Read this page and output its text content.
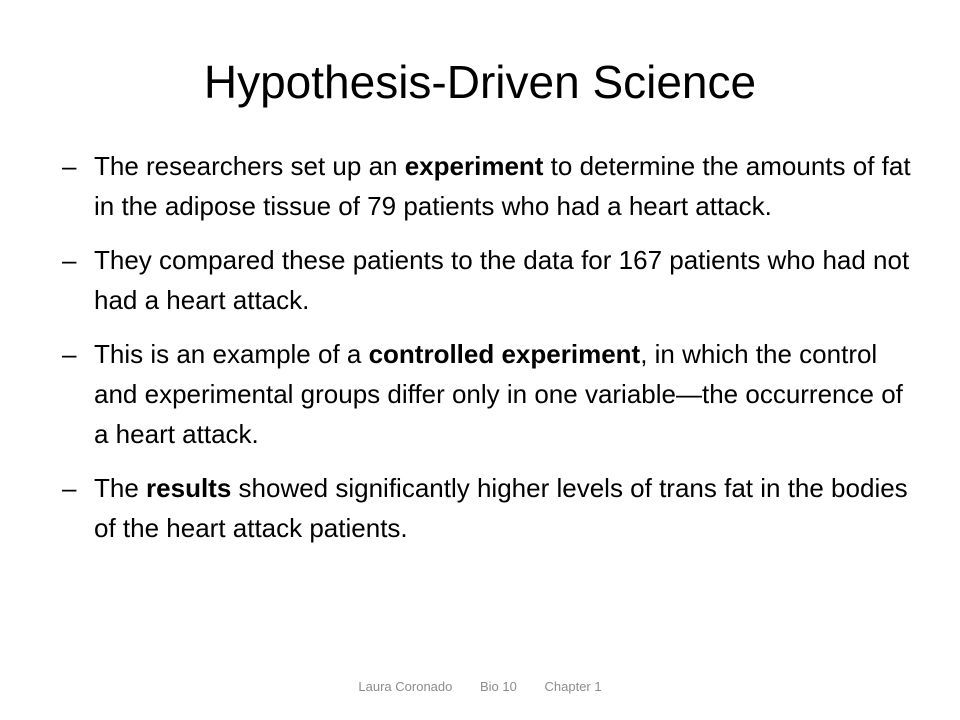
Hypothesis-Driven Science
– The researchers set up an experiment to determine the amounts of fat in the adipose tissue of 79 patients who had a heart attack.
– They compared these patients to the data for 167 patients who had not had a heart attack.
– This is an example of a controlled experiment, in which the control and experimental groups differ only in one variable—the occurrence of a heart attack.
– The results showed significantly higher levels of trans fat in the bodies of the heart attack patients.
Laura Coronado Bio 10 Chapter 1
